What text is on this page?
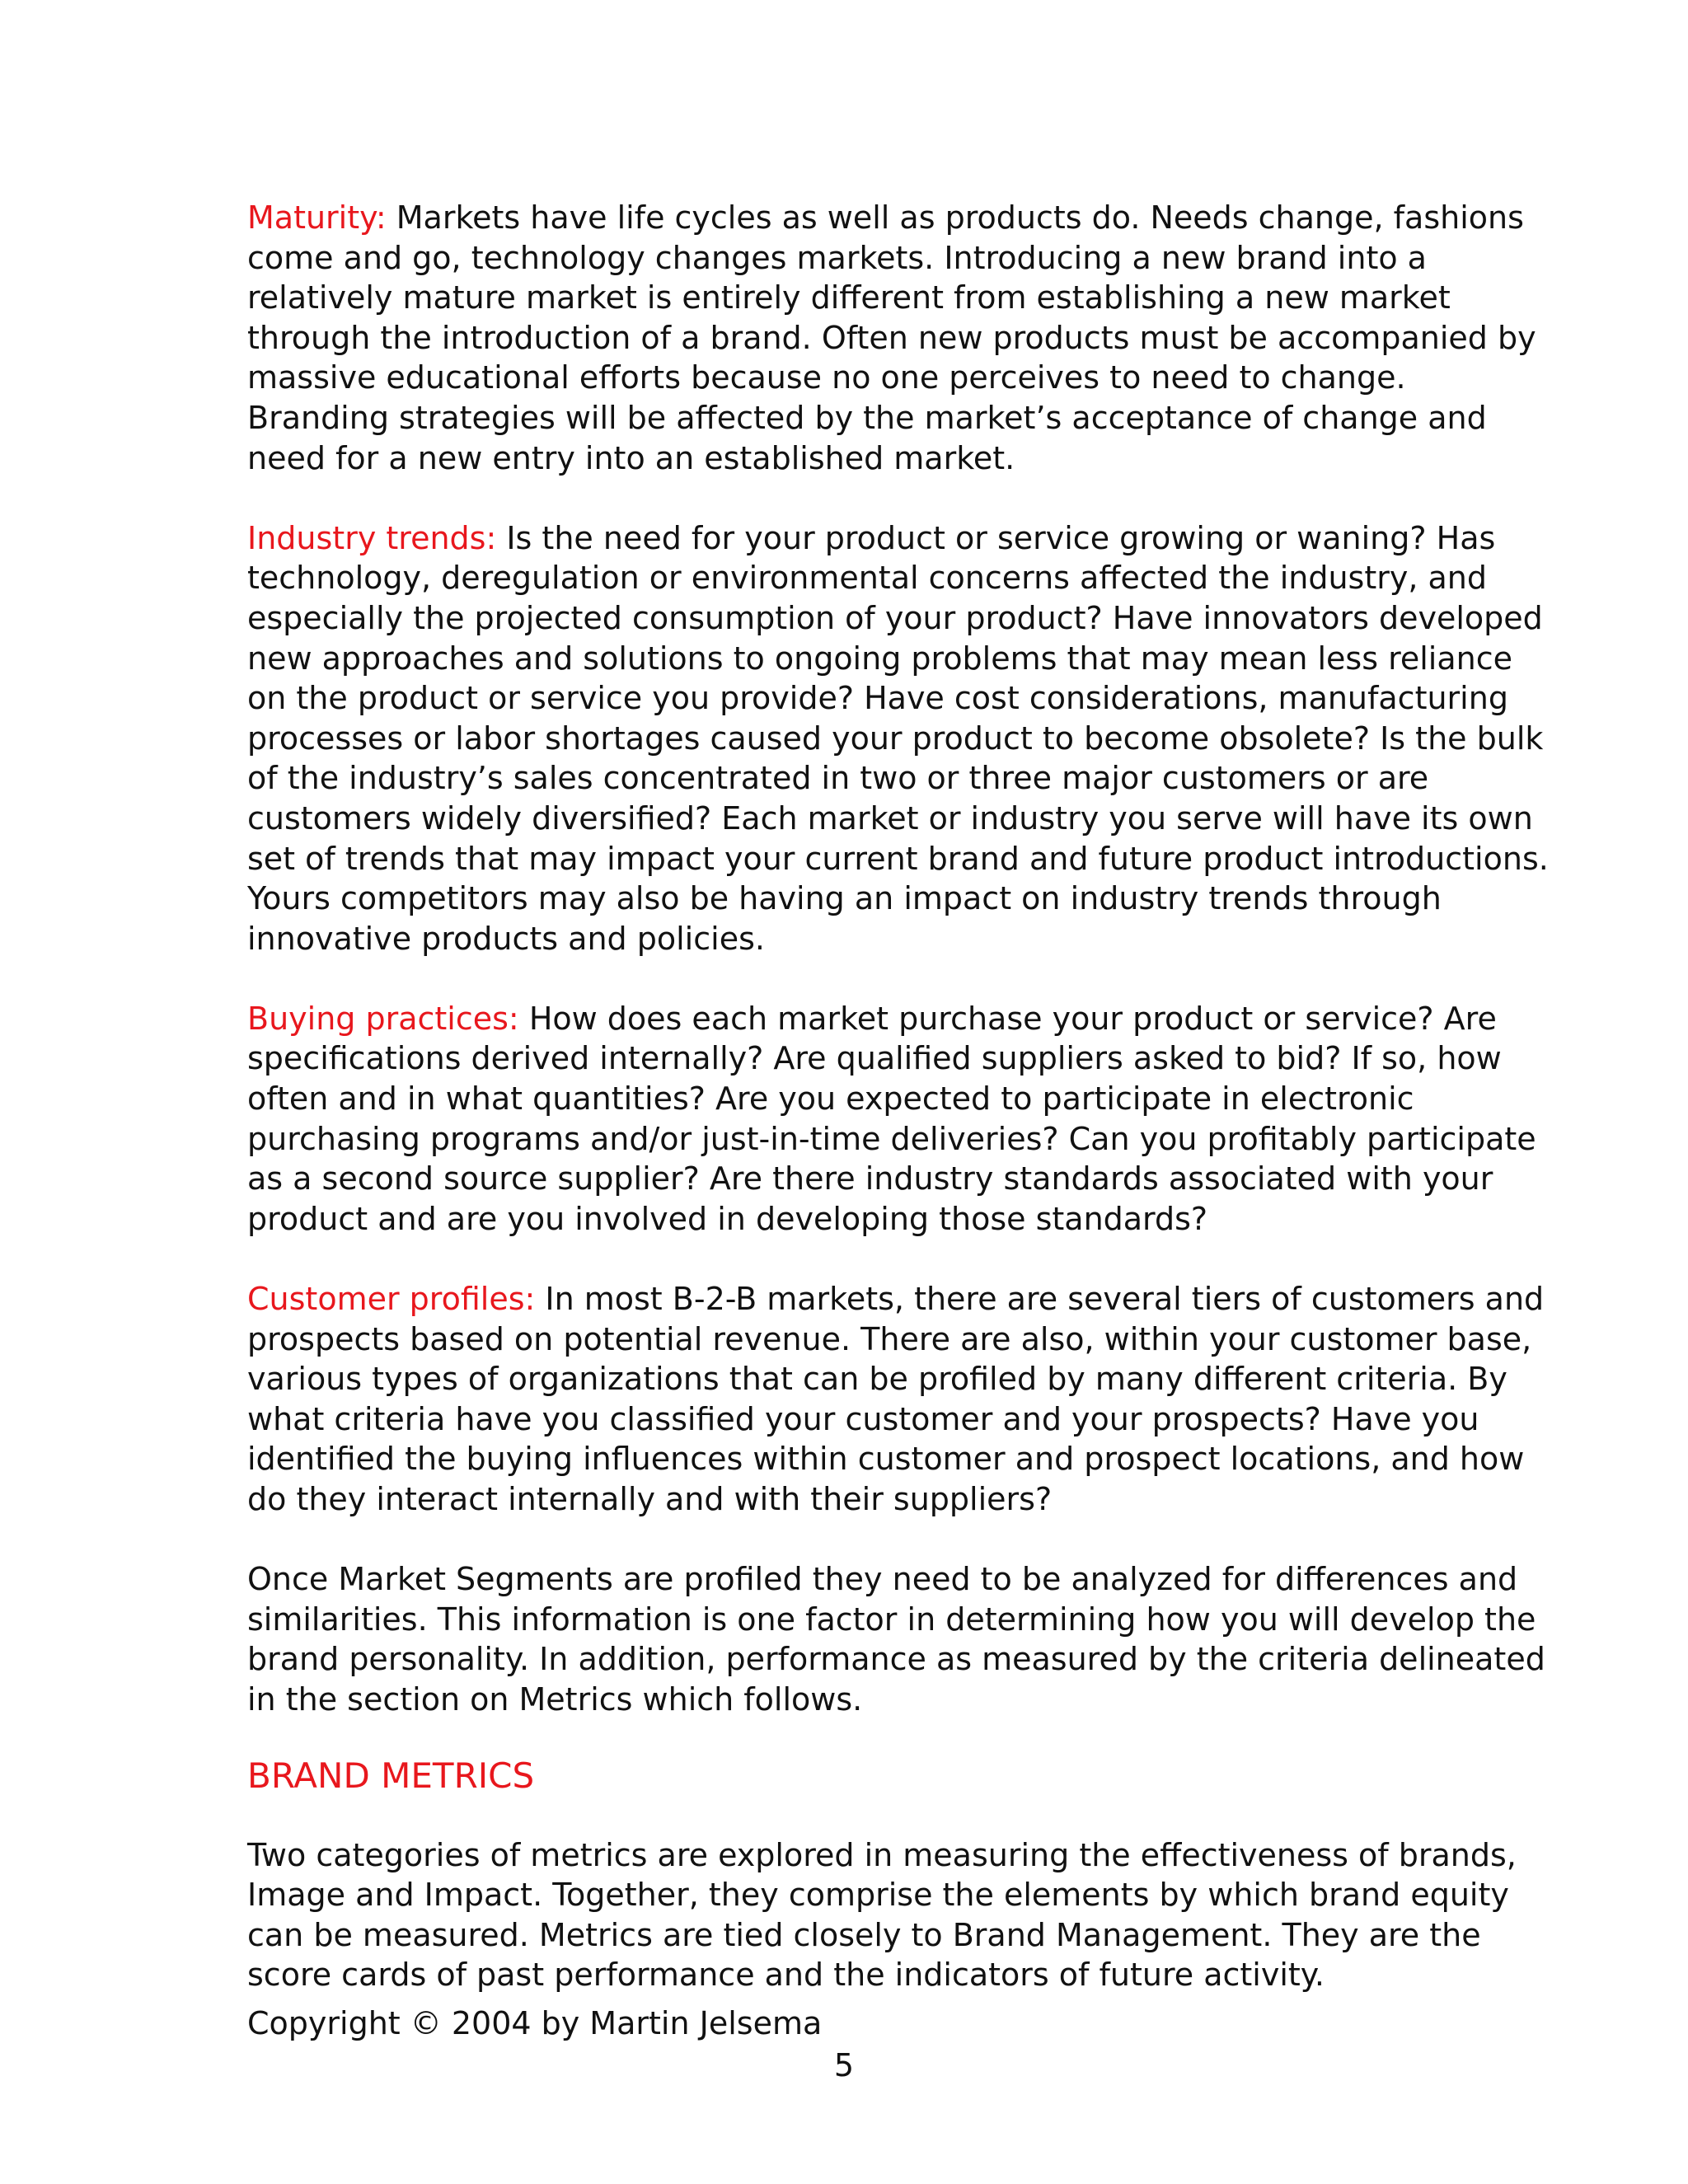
Maturity: Markets have life cycles as well as products do. Needs change, fashions come and go, technology changes markets. Introducing a new brand into a relatively mature market is entirely different from establishing a new market through the introduction of a brand. Often new products must be accompanied by massive educational efforts because no one perceives to need to change. Branding strategies will be affected by the market’s acceptance of change and need for a new entry into an established market.

Industry trends: Is the need for your product or service growing or waning? Has technology, deregulation or environmental concerns affected the industry, and especially the projected consumption of your product? Have innovators developed new approaches and solutions to ongoing problems that may mean less reliance on the product or service you provide? Have cost considerations, manufacturing processes or labor shortages caused your product to become obsolete? Is the bulk of the industry’s sales concentrated in two or three major customers or are customers widely diversified? Each market or industry you serve will have its own set of trends that may impact your current brand and future product introductions. Yours competitors may also be having an impact on industry trends through innovative products and policies.

Buying practices: How does each market purchase your product or service? Are specifications derived internally? Are qualified suppliers asked to bid? If so, how often and in what quantities? Are you expected to participate in electronic purchasing programs and/or just-in-time deliveries? Can you profitably participate as a second source supplier? Are there industry standards associated with your product and are you involved in developing those standards?

Customer profiles: In most B-2-B markets, there are several tiers of customers and prospects based on potential revenue. There are also, within your customer base, various types of organizations that can be profiled by many different criteria. By what criteria have you classified your customer and your prospects? Have you identified the buying influences within customer and prospect locations, and how do they interact internally and with their suppliers?

Once Market Segments are profiled they need to be analyzed for differences and similarities. This information is one factor in determining how you will develop the brand personality. In addition, performance as measured by the criteria delineated in the section on Metrics which follows.

BRAND METRICS

Two categories of metrics are explored in measuring the effectiveness of brands, Image and Impact. Together, they comprise the elements by which brand equity can be measured. Metrics are tied closely to Brand Management. They are the score cards of past performance and the indicators of future activity.

Copyright © 2004 by Martin Jelsema
5
